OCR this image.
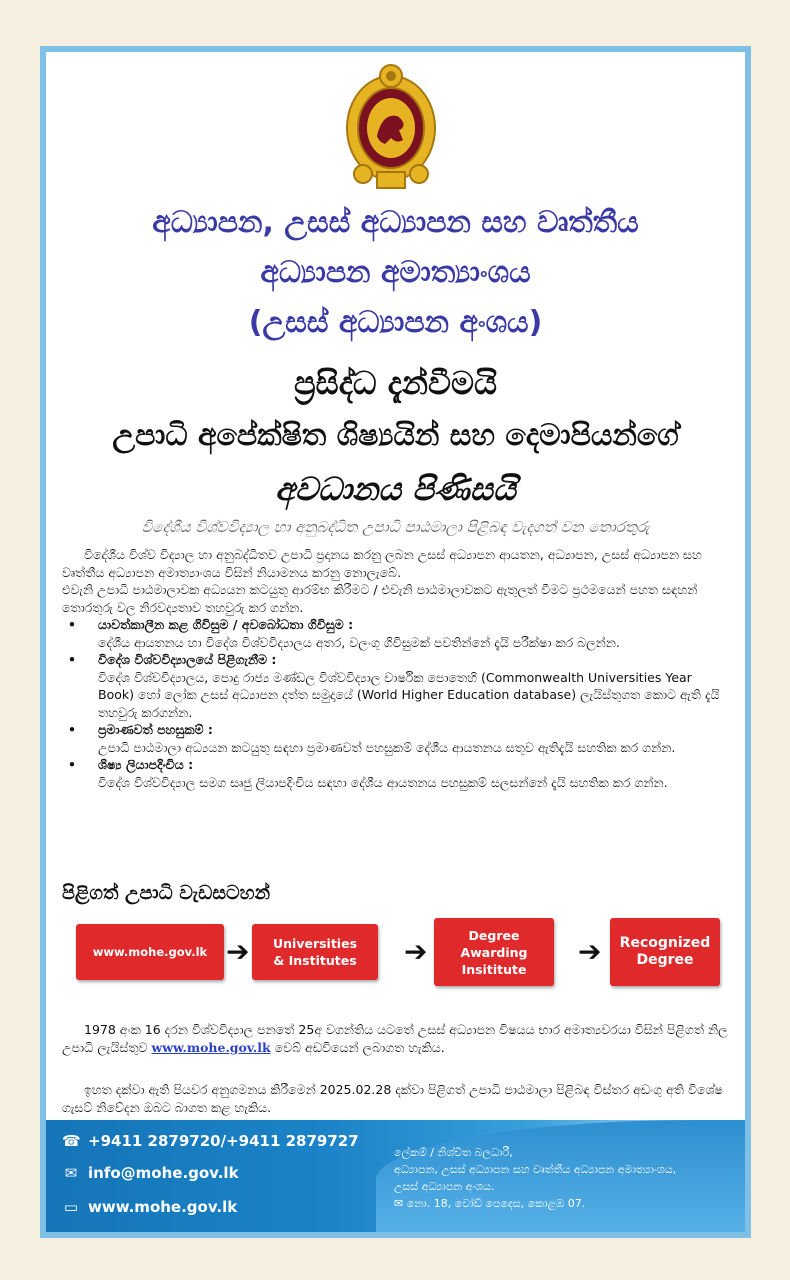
අධ්‍යාපන, උසස් අධ්‍යාපන සහ වෘත්තීය
අධ්‍යාපන අමාත්‍යාංශය
(උසස් අධ්‍යාපන අංශය)
ප්‍රසිද්ධ දැන්වීමයි
උපාධි අපේක්ෂිත ශිෂ්‍යයින් සහ දෙමාපියන්ගේ
අවධානය පිණිසයි
විදේශීය විශ්වවිද්‍යාල හා අනුබද්ධිත උපාධි පාඨමාලා පිළිබඳ වැදගත් වන තොරතුරු

විදේශීය විශ්ව විද්‍යාල හා අනුබද්ධිතව උපාධි ප්‍රදානය කරනු ලබන උසස් අධ්‍යාපන ආයතන, අධ්‍යාපන, උසස් අධ්‍යාපන සහ වෘත්තීය අධ්‍යාපන අමාත්‍යාංශය විසින් නියාමනය කරනු නොලැබේ.

එවැනි උපාධි පාඨමාලාවක අධ්‍යයන කටයුතු ආරම්භ කිරීමට / එවැනි පාඨමාලාවකට ඇතුලත් වීමට ප්‍රථමයෙන් පහත සඳහන් තොරතුරු වල නිරවද්‍යතාව තහවුරු කර ගන්න.

• යාවත්කාලීන කළ ගිවිසුම / අවබෝධතා ගිවිසුම :
දේශීය ආයතනය හා විදේශ විශ්වවිද්‍යාලය අතර, වලංගු ගිවිසුමක් පවතින්නේ දැයි පරීක්ෂා කර බලන්න.
• විදේශ විශ්වවිද්‍යාලයේ පිළිගැනීම :
විදේශ විශ්වවිද්‍යාලය, පොදු රාජ්‍ය මණ්ඩල විශ්වවිද්‍යාල වාර්ෂික පොතෙහි (Commonwealth Universities Year Book) හෝ ලෝක උසස් අධ්‍යාපන දත්ත සමුදායේ (World Higher Education database) ලැයිස්තුගත කොට ඇති දැයි තහවුරු කරගන්න.
• ප්‍රමාණවත් පහසුකම් :
උපාධි පාඨමාලා අධ්‍යයන කටයුතු සඳහා ප්‍රමාණවත් පහසුකම් දේශීය ආයතනය සතුව ඇතිදැයි සහතික කර ගන්න.
• ශිෂ්‍ය ලියාපදිංචිය :
විදේශ විශ්වවිද්‍යාල සමග සෘජු ලියාපදිංචිය සඳහා දේශීය ආයතනය පහසුකම් සලසන්නේ දැයි සහතික කර ගන්න.
පිළිගත් උපාධි වැඩසටහන්
www.mohe.gov.lk ➔ Universities
& Institutes ➔	Degree
Awarding
Insititute
➔ Recognized
Degree

1978 අංක 16 දරන විශ්වවිද්‍යාල පනතේ 25අ වගන්තිය යටතේ උසස් අධ්‍යාපන විෂයය භාර අමාත්‍යවරයා විසින් පිළිගත් නිල උපාධි ලැයිස්තුව www.mohe.gov.lk වෙබ් අඩවියෙන් ලබාගත හැකිය.

ඉහත දක්වා ඇති පියවර අනුගමනය කිරීමෙන් 2025.02.28 දක්වා පිළිගත් උපාධි පාඨමාලා පිළිබඳ විස්තර අඩංගු අති විශේෂ ගැසට් නිවේදන ඔබට බාගත කළ හැකිය.

☎ +9411 2879720/+9411 2879727
✉ info@mohe.gov.lk
▭ www.mohe.gov.lk
ලේකම් / නිශ්චිත බලධාරී,
අධ්‍යාපන, උසස් අධ්‍යාපන සහ වෘත්තීය අධ්‍යාපන අමාත්‍යාංශය,
උසස් අධ්‍යාපන අංශය.
✉ නො. 18, වෝඩ් පෙදෙස, කොළඹ 07.
